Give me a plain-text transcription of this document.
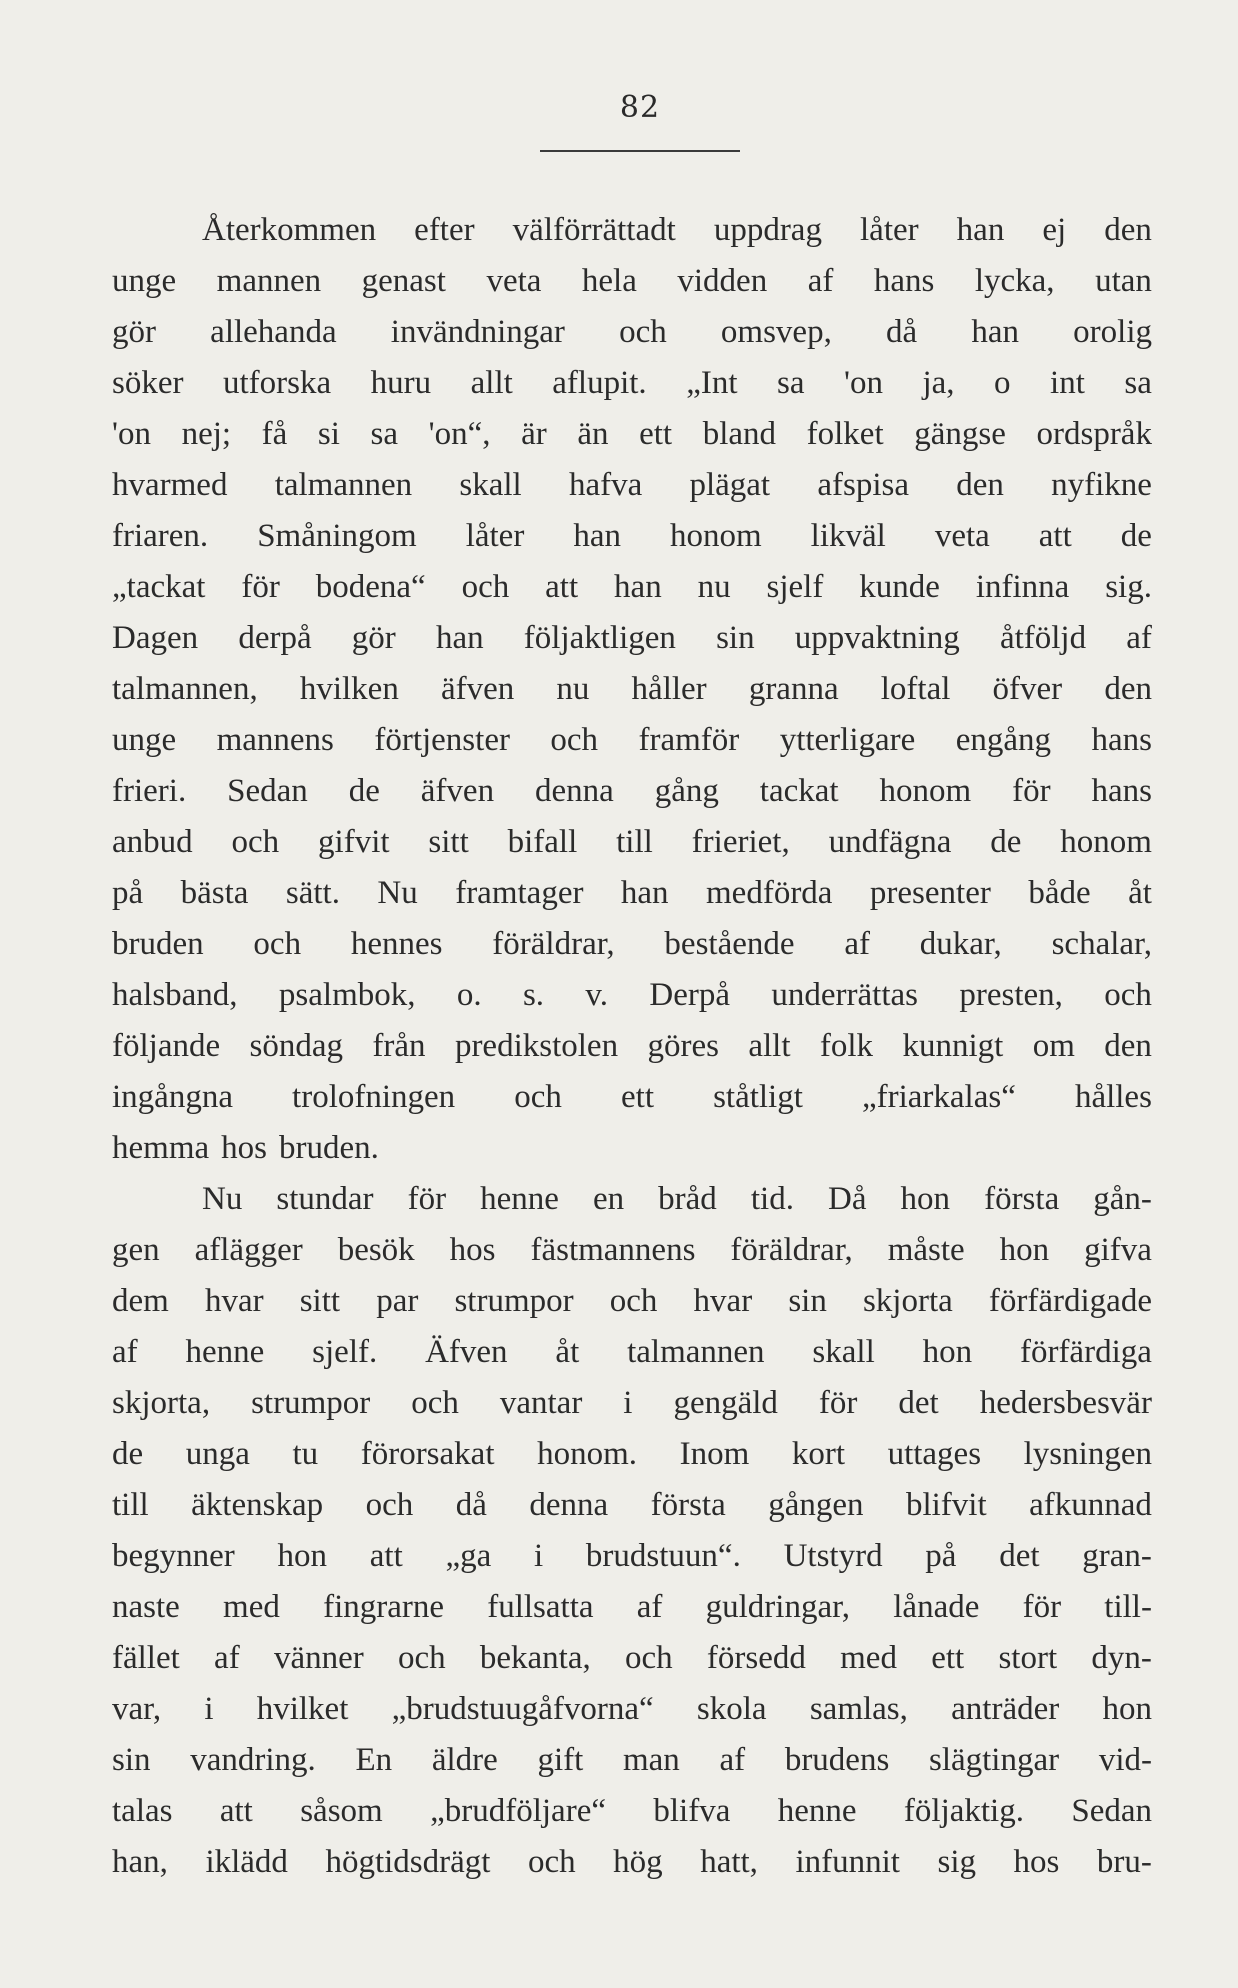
82
Återkommen efter välförrättadt uppdrag låter han ej den
unge mannen genast veta hela vidden af hans lycka, utan
gör allehanda invändningar och omsvep, då han orolig
söker utforska huru allt aflupit. „Int sa 'on ja, o int sa
'on nej; få si sa 'on“, är än ett bland folket gängse ordspråk
hvarmed talmannen skall hafva plägat afspisa den nyfikne
friaren. Småningom låter han honom likväl veta att de
„tackat för bodena“ och att han nu sjelf kunde infinna sig.
Dagen derpå gör han följaktligen sin uppvaktning åtföljd af
talmannen, hvilken äfven nu håller granna loftal öfver den
unge mannens förtjenster och framför ytterligare engång hans
frieri. Sedan de äfven denna gång tackat honom för hans
anbud och gifvit sitt bifall till frieriet, undfägna de honom
på bästa sätt. Nu framtager han medförda presenter både åt
bruden och hennes föräldrar, bestående af dukar, schalar,
halsband, psalmbok, o. s. v. Derpå underrättas presten, och
följande söndag från predikstolen göres allt folk kunnigt om den
ingångna trolofningen och ett ståtligt „friarkalas“ hålles
hemma hos bruden.
Nu stundar för henne en bråd tid. Då hon första gån-
gen aflägger besök hos fästmannens föräldrar, måste hon gifva
dem hvar sitt par strumpor och hvar sin skjorta förfärdigade
af henne sjelf. Äfven åt talmannen skall hon förfärdiga
skjorta, strumpor och vantar i gengäld för det hedersbesvär
de unga tu förorsakat honom. Inom kort uttages lysningen
till äktenskap och då denna första gången blifvit afkunnad
begynner hon att „ga i brudstuun“. Utstyrd på det gran-
naste med fingrarne fullsatta af guldringar, lånade för till-
fället af vänner och bekanta, och försedd med ett stort dyn-
var, i hvilket „brudstuugåfvorna“ skola samlas, anträder hon
sin vandring. En äldre gift man af brudens slägtingar vid-
talas att såsom „brudföljare“ blifva henne följaktig. Sedan
han, iklädd högtidsdrägt och hög hatt, infunnit sig hos bru-
